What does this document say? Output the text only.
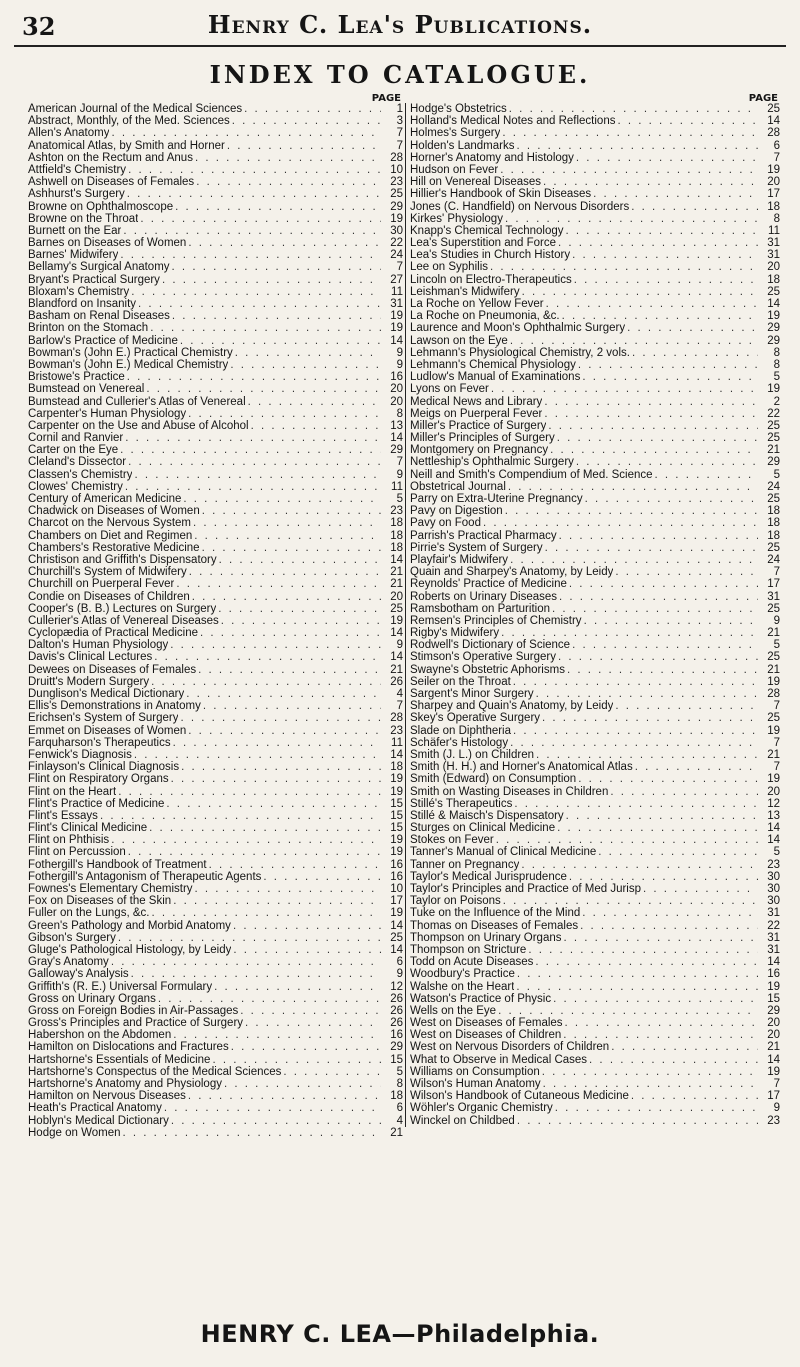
32	Henry C. Lea's Publications.
INDEX TO CATALOGUE.
PAGE
American Journal of the Medical Sciences . . .	1
Abstract, Monthly, of the Med. Sciences . . .	3
Allen's Anatomy . . .	7
Anatomical Atlas, by Smith and Horner . . .	7
Ashton on the Rectum and Anus . . .	28
Attfield's Chemistry . . .	10
Ashwell on Diseases of Females . . .	23
Ashhurst's Surgery . . .	25
Browne on Ophthalmoscope . . .	29
Browne on the Throat . . .	19
Burnett on the Ear . . .	30
Barnes on Diseases of Women . . .	22
Barnes' Midwifery . . .	24
Bellamy's Surgical Anatomy . . .	7
Bryant's Practical Surgery . . .	27
Bloxam's Chemistry . . .	11
Blandford on Insanity . . .	31
Basham on Renal Diseases . . .	19
Brinton on the Stomach . . .	19
Barlow's Practice of Medicine . . .	14
Bowman's (John E.) Practical Chemistry . . .	9
Bowman's (John E.) Medical Chemistry . . .	9
Bristowe's Practice . . .	16
Bumstead on Venereal . . .	20
Bumstead and Cullerier's Atlas of Venereal . . .	20
Carpenter's Human Physiology . . .	8
Carpenter on the Use and Abuse of Alcohol . . .	13
Cornil and Ranvier . . .	14
Carter on the Eye . . .	29
Cleland's Dissector . . .	7
Classen's Chemistry . . .	9
Clowes' Chemistry . . .	11
Century of American Medicine . . .	5
Chadwick on Diseases of Women . . .	23
Charcot on the Nervous System . . .	18
Chambers on Diet and Regimen . . .	18
Chambers's Restorative Medicine . . .	18
Christison and Griffith's Dispensatory . . .	14
Churchill's System of Midwifery . . .	21
Churchill on Puerperal Fever . . .	21
Condie on Diseases of Children . . .	20
Cooper's (B. B.) Lectures on Surgery . . .	25
Cullerier's Atlas of Venereal Diseases . . .	19
Cyclopædia of Practical Medicine . . .	14
Dalton's Human Physiology . . .	9
Davis's Clinical Lectures . . .	14
Dewees on Diseases of Females . . .	21
Druitt's Modern Surgery . . .	26
Dunglison's Medical Dictionary . . .	4
Ellis's Demonstrations in Anatomy . . .	7
Erichsen's System of Surgery . . .	28
Emmet on Diseases of Women . . .	23
Farquharson's Therapeutics . . .	11
Fenwick's Diagnosis . . .	14
Finlayson's Clinical Diagnosis . . .	18
Flint on Respiratory Organs . . .	19
Flint on the Heart . . .	19
Flint's Practice of Medicine . . .	15
Flint's Essays . . .	15
Flint's Clinical Medicine . . .	15
Flint on Phthisis . . .	19
Flint on Percussion . . .	19
Fothergill's Handbook of Treatment . . .	16
Fothergill's Antagonism of Therapeutic Agents . . .	16
Fownes's Elementary Chemistry . . .	10
Fox on Diseases of the Skin . . .	17
Fuller on the Lungs, &c. . . .	19
Green's Pathology and Morbid Anatomy . . .	14
Gibson's Surgery . . .	25
Gluge's Pathological Histology, by Leidy . . .	14
Gray's Anatomy . . .	6
Galloway's Analysis . . .	9
Griffith's (R. E.) Universal Formulary . . .	12
Gross on Urinary Organs . . .	26
Gross on Foreign Bodies in Air-Passages . . .	26
Gross's Principles and Practice of Surgery . . .	26
Habershon on the Abdomen . . .	16
Hamilton on Dislocations and Fractures . . .	29
Hartshorne's Essentials of Medicine . . .	15
Hartshorne's Conspectus of the Medical Sciences . . .	5
Hartshorne's Anatomy and Physiology . . .	8
Hamilton on Nervous Diseases . . .	18
Heath's Practical Anatomy . . .	6
Hoblyn's Medical Dictionary . . .	4
Hodge on Women . . .	21
PAGE
Hodge's Obstetrics . . .	25
Holland's Medical Notes and Reflections . . .	14
Holmes's Surgery . . .	28
Holden's Landmarks . . .	6
Horner's Anatomy and Histology . . .	7
Hudson on Fever . . .	19
Hill on Venereal Diseases . . .	20
Hillier's Handbook of Skin Diseases . . .	17
Jones (C. Handfield) on Nervous Disorders . . .	18
Kirkes' Physiology . . .	8
Knapp's Chemical Technology . . .	11
Lea's Superstition and Force . . .	31
Lea's Studies in Church History . . .	31
Lee on Syphilis . . .	20
Lincoln on Electro-Therapeutics . . .	18
Leishman's Midwifery . . .	25
La Roche on Yellow Fever . . .	14
La Roche on Pneumonia, &c. . . .	19
Laurence and Moon's Ophthalmic Surgery . . .	29
Lawson on the Eye . . .	29
Lehmann's Physiological Chemistry, 2 vols. . . .	8
Lehmann's Chemical Physiology . . .	8
Ludlow's Manual of Examinations . . .	5
Lyons on Fever . . .	19
Medical News and Library . . .	2
Meigs on Puerperal Fever . . .	22
Miller's Practice of Surgery . . .	25
Miller's Principles of Surgery . . .	25
Montgomery on Pregnancy . . .	21
Nettleship's Ophthalmic Surgery . . .	29
Neill and Smith's Compendium of Med. Science . . .	5
Obstetrical Journal . . .	24
Parry on Extra-Uterine Pregnancy . . .	25
Pavy on Digestion . . .	18
Pavy on Food . . .	18
Parrish's Practical Pharmacy . . .	18
Pirrie's System of Surgery . . .	25
Playfair's Midwifery . . .	24
Quain and Sharpey's Anatomy, by Leidy . . .	7
Reynolds' Practice of Medicine . . .	17
Roberts on Urinary Diseases . . .	31
Ramsbotham on Parturition . . .	25
Remsen's Principles of Chemistry . . .	9
Rigby's Midwifery . . .	21
Rodwell's Dictionary of Science . . .	5
Stimson's Operative Surgery . . .	25
Swayne's Obstetric Aphorisms . . .	21
Seiler on the Throat . . .	19
Sargent's Minor Surgery . . .	28
Sharpey and Quain's Anatomy, by Leidy . . .	7
Skey's Operative Surgery . . .	25
Slade on Diphtheria . . .	19
Schäfer's Histology . . .	7
Smith (J. L.) on Children . . .	21
Smith (H. H.) and Horner's Anatomical Atlas . . .	7
Smith (Edward) on Consumption . . .	19
Smith on Wasting Diseases in Children . . .	20
Stillé's Therapeutics . . .	12
Stillé & Maisch's Dispensatory . . .	13
Sturges on Clinical Medicine . . .	14
Stokes on Fever . . .	14
Tanner's Manual of Clinical Medicine . . .	5
Tanner on Pregnancy . . .	23
Taylor's Medical Jurisprudence . . .	30
Taylor's Principles and Practice of Med Jurisp . . .	30
Taylor on Poisons . . .	30
Tuke on the Influence of the Mind . . .	31
Thomas on Diseases of Females . . .	22
Thompson on Urinary Organs . . .	31
Thompson on Stricture . . .	31
Todd on Acute Diseases . . .	14
Woodbury's Practice . . .	16
Walshe on the Heart . . .	19
Watson's Practice of Physic . . .	15
Wells on the Eye . . .	29
West on Diseases of Females . . .	20
West on Diseases of Children . . .	20
West on Nervous Disorders of Children . . .	21
What to Observe in Medical Cases . . .	14
Williams on Consumption . . .	19
Wilson's Human Anatomy . . .	7
Wilson's Handbook of Cutaneous Medicine . . .	17
Wöhler's Organic Chemistry . . .	9
Winckel on Childbed . . .	23
HENRY C. LEA—Philadelphia.
